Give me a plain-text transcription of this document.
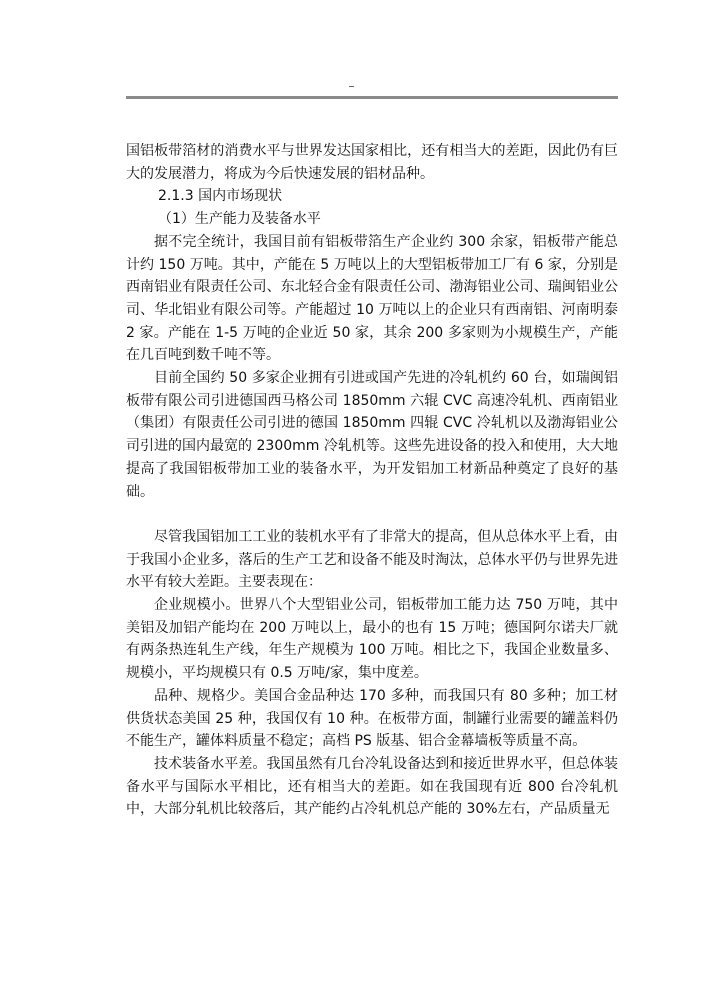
–

国铝板带箔材的消费水平与世界发达国家相比，还有相当大的差距，因此仍有巨大的发展潜力，将成为今后快速发展的铝材品种。

2.1.3 国内市场现状

（1）生产能力及装备水平

据不完全统计，我国目前有铝板带箔生产企业约 300 余家，铝板带产能总计约 150 万吨。其中，产能在 5 万吨以上的大型铝板带加工厂有 6 家，分别是西南铝业有限责任公司、东北轻合金有限责任公司、渤海铝业公司、瑞闽铝业公司、华北铝业有限公司等。产能超过 10 万吨以上的企业只有西南铝、河南明泰 2 家。产能在 1-5 万吨的企业近 50 家，其余 200 多家则为小规模生产，产能在几百吨到数千吨不等。

目前全国约 50 多家企业拥有引进或国产先进的冷轧机约 60 台，如瑞闽铝板带有限公司引进德国西马格公司 1850mm 六辊 CVC 高速冷轧机、西南铝业（集团）有限责任公司引进的德国 1850mm 四辊 CVC 冷轧机以及渤海铝业公司引进的国内最宽的 2300mm 冷轧机等。这些先进设备的投入和使用，大大地提高了我国铝板带加工业的装备水平，为开发铝加工材新品种奠定了良好的基础。

尽管我国铝加工工业的装机水平有了非常大的提高，但从总体水平上看，由于我国小企业多，落后的生产工艺和设备不能及时淘汰，总体水平仍与世界先进水平有较大差距。主要表现在：

企业规模小。世界八个大型铝业公司，铝板带加工能力达 750 万吨，其中美铝及加铝产能均在 200 万吨以上，最小的也有 15 万吨；德国阿尔诺夫厂就有两条热连轧生产线，年生产规模为 100 万吨。相比之下，我国企业数量多、规模小，平均规模只有 0.5 万吨/家，集中度差。

品种、规格少。美国合金品种达 170 多种，而我国只有 80 多种；加工材供货状态美国 25 种，我国仅有 10 种。在板带方面，制罐行业需要的罐盖料仍不能生产，罐体料质量不稳定；高档 PS 版基、铝合金幕墙板等质量不高。

技术装备水平差。我国虽然有几台冷轧设备达到和接近世界水平，但总体装备水平与国际水平相比，还有相当大的差距。如在我国现有近 800 台冷轧机中，大部分轧机比较落后，其产能约占冷轧机总产能的 30%左右，产品质量无
